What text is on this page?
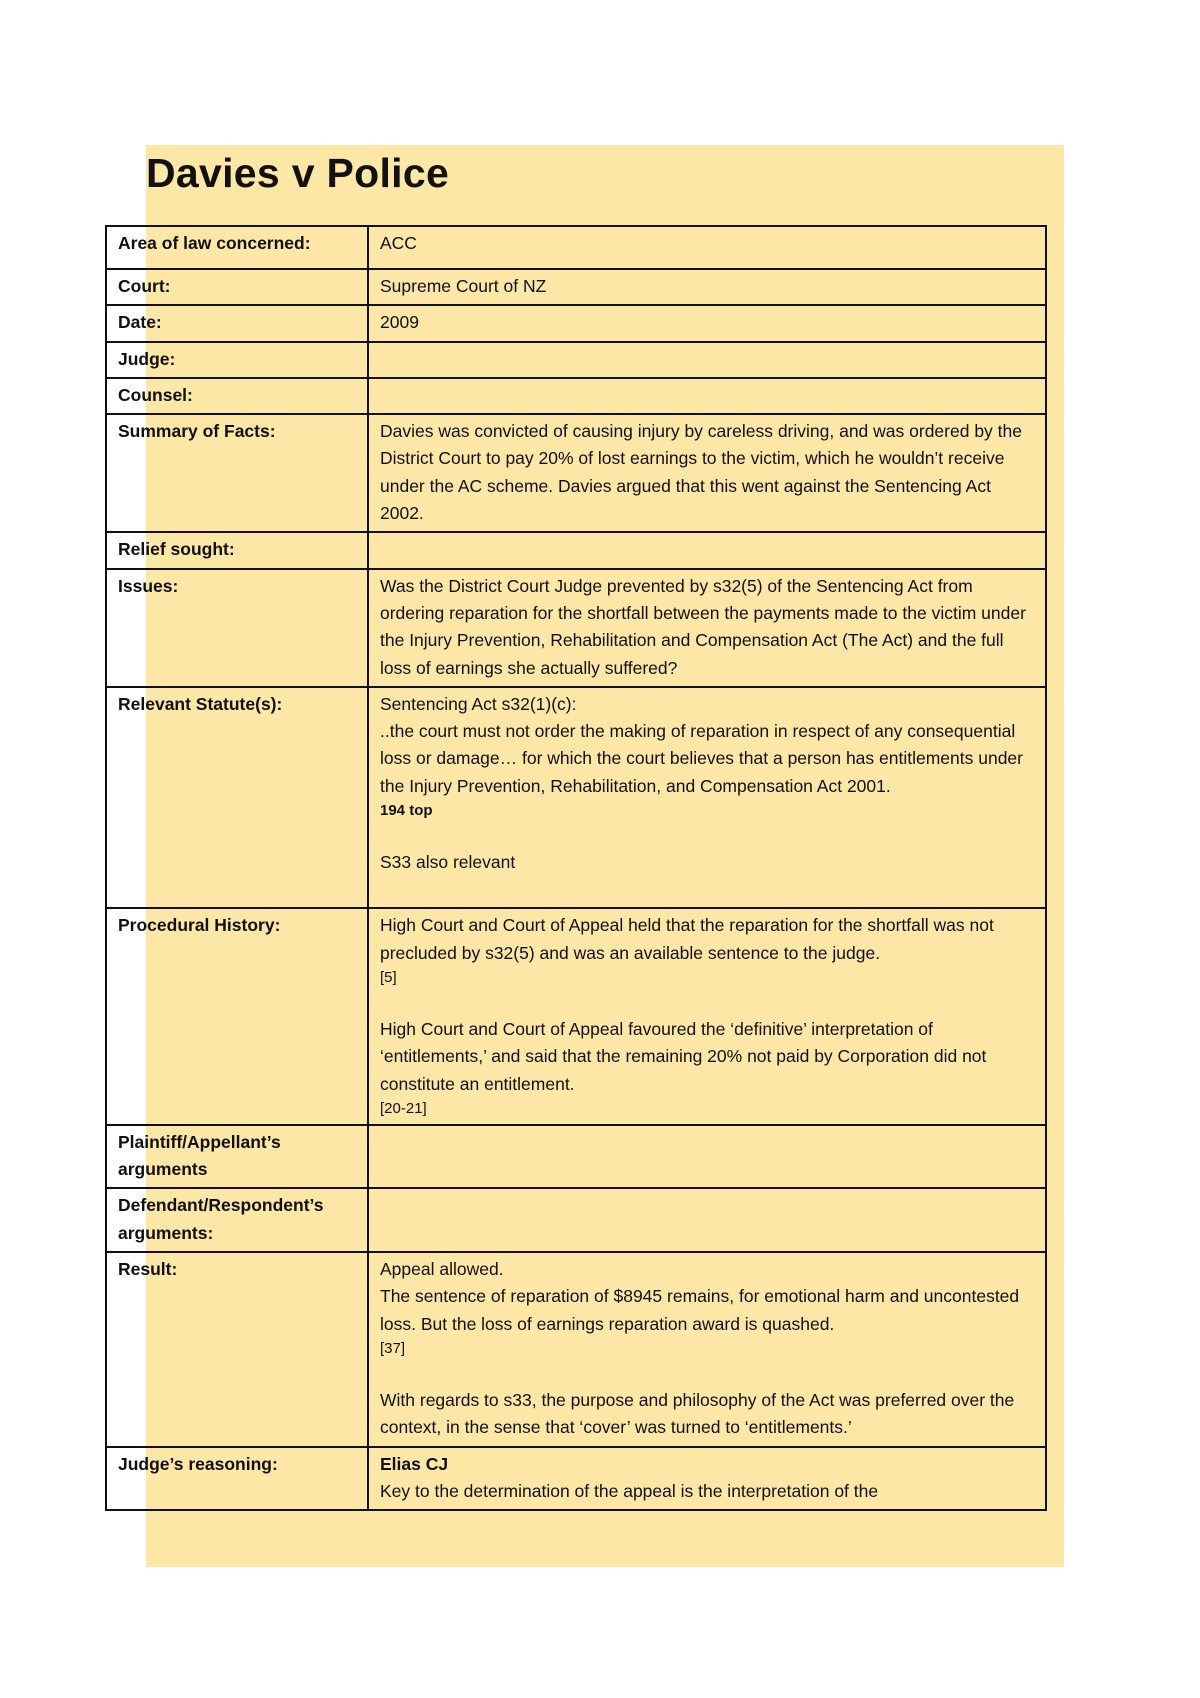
Davies v Police
Area of law concerned:	ACC
Court:	Supreme Court of NZ
Date:	2009
Judge:	
Counsel:	
Summary of Facts:	Davies was convicted of causing injury by careless driving, and was ordered by the District Court to pay 20% of lost earnings to the victim, which he wouldn’t receive under the AC scheme. Davies argued that this went against the Sentencing Act 2002.
Relief sought:	
Issues:	Was the District Court Judge prevented by s32(5) of the Sentencing Act from ordering reparation for the shortfall between the payments made to the victim under the Injury Prevention, Rehabilitation and Compensation Act (The Act) and the full loss of earnings she actually suffered?
Relevant Statute(s):	Sentencing Act s32(1)(c):
..the court must not order the making of reparation in respect of any consequential loss or damage… for which the court believes that a person has entitlements under the Injury Prevention, Rehabilitation, and Compensation Act 2001.
194 top
S33 also relevant

Procedural History:	High Court and Court of Appeal held that the reparation for the shortfall was not precluded by s32(5) and was an available sentence to the judge.
[5]
High Court and Court of Appeal favoured the ‘definitive’ interpretation of ‘entitlements,’ and said that the remaining 20% not paid by Corporation did not constitute an entitlement.
[20-21]

Plaintiff/Appellant’s arguments	
Defendant/Respondent’s arguments:	
Result:	Appeal allowed.
The sentence of reparation of $8945 remains, for emotional harm and uncontested loss. But the loss of earnings reparation award is quashed.
[37]
With regards to s33, the purpose and philosophy of the Act was preferred over the context, in the sense that ‘cover’ was turned to ‘entitlements.’

Judge’s reasoning:	Elias CJ
Key to the determination of the appeal is the interpretation of the
